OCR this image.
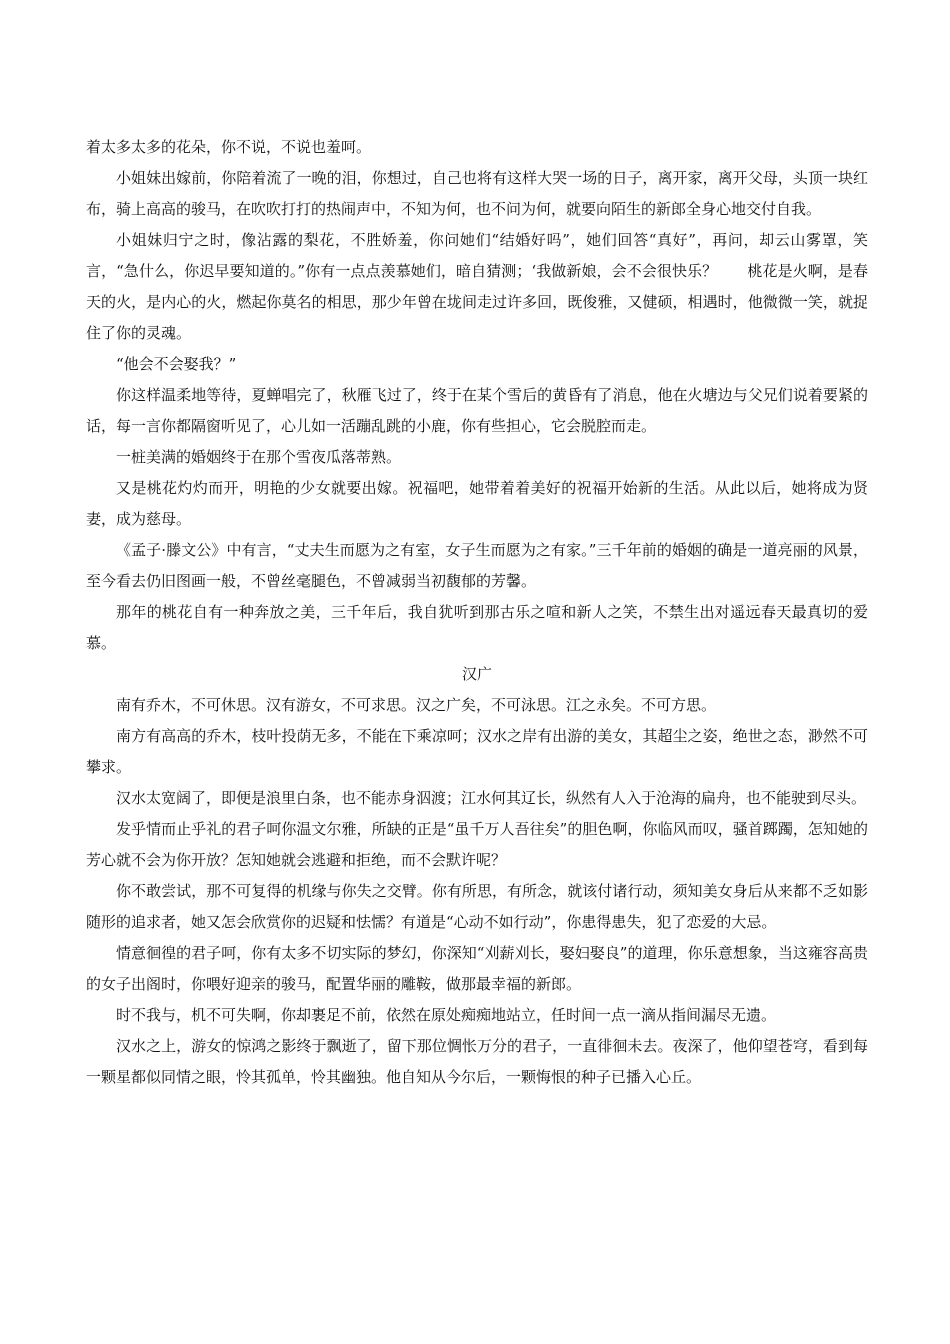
着太多太多的花朵，你不说，不说也羞呵。

小姐妹出嫁前，你陪着流了一晚的泪，你想过，自己也将有这样大哭一场的日子，离开家，离开父母，头顶一块红布，骑上高高的骏马，在吹吹打打的热闹声中，不知为何，也不问为何，就要向陌生的新郎全身心地交付自我。

小姐妹归宁之时，像沾露的梨花，不胜娇羞，你问她们“结婚好吗”，她们回答“真好”，再问，却云山雾罩，笑言，“急什么，你迟早要知道的。”你有一点点羡慕她们，暗自猜测；‘我做新娘，会不会很快乐？　　桃花是火啊，是春天的火，是内心的火，燃起你莫名的相思，那少年曾在垅间走过许多回，既俊雅，又健硕，相遇时，他微微一笑，就捉住了你的灵魂。

“他会不会娶我？”

你这样温柔地等待，夏蝉唱完了，秋雁飞过了，终于在某个雪后的黄昏有了消息，他在火塘边与父兄们说着要紧的话，每一言你都隔窗听见了，心儿如一活蹦乱跳的小鹿，你有些担心，它会脱腔而走。

一桩美满的婚姻终于在那个雪夜瓜落蒂熟。

又是桃花灼灼而开，明艳的少女就要出嫁。祝福吧，她带着着美好的祝福开始新的生活。从此以后，她将成为贤妻，成为慈母。

《孟子·滕文公》中有言，“丈夫生而愿为之有室，女子生而愿为之有家。”三千年前的婚姻的确是一道亮丽的风景，至今看去仍旧图画一般，不曾丝毫腿色，不曾减弱当初馥郁的芳馨。

那年的桃花自有一种奔放之美，三千年后，我自犹听到那古乐之喧和新人之笑，不禁生出对遥远春天最真切的爱慕。

汉广

南有乔木，不可休思。汉有游女，不可求思。汉之广矣，不可泳思。江之永矣。不可方思。

南方有高高的乔木，枝叶投荫无多，不能在下乘凉呵；汉水之岸有出游的美女，其超尘之姿，绝世之态，渺然不可攀求。

汉水太宽阔了，即便是浪里白条，也不能赤身泅渡；江水何其辽长，纵然有人入于沧海的扁舟，也不能驶到尽头。

发乎情而止乎礼的君子呵你温文尔雅，所缺的正是“虽千万人吾往矣”的胆色啊，你临风而叹，骚首踯躅，怎知她的芳心就不会为你开放？怎知她就会逃避和拒绝，而不会默许呢？

你不敢尝试，那不可复得的机缘与你失之交臂。你有所思，有所念，就该付诸行动，须知美女身后从来都不乏如影随形的追求者，她又怎会欣赏你的迟疑和怯懦？有道是“心动不如行动”，你患得患失，犯了恋爱的大忌。

情意徊徨的君子呵，你有太多不切实际的梦幻，你深知“刈薪刈长，娶妇娶良”的道理，你乐意想象，当这雍容高贵的女子出阁时，你喂好迎亲的骏马，配置华丽的雕鞍，做那最幸福的新郎。

时不我与，机不可失啊，你却裹足不前，依然在原处痴痴地站立，任时间一点一滴从指间漏尽无遗。

汉水之上，游女的惊鸿之影终于飘逝了，留下那位惆怅万分的君子，一直徘徊未去。夜深了，他仰望苍穹，看到每一颗星都似同情之眼，怜其孤单，怜其幽独。他自知从今尔后，一颗悔恨的种子已播入心丘。
